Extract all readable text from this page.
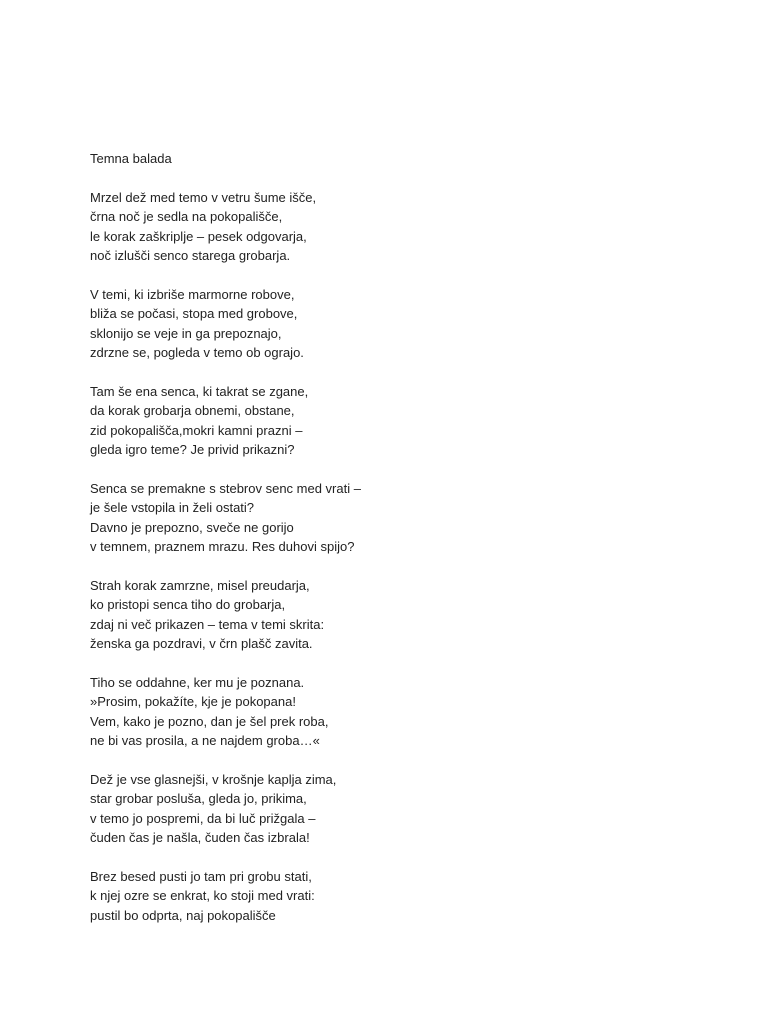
Temna balada
Mrzel dež med temo v vetru šume išče,
črna noč je sedla na pokopališče,
le korak zaškriplje – pesek odgovarja,
noč izlušči senco starega grobarja.
V temi, ki izbriše marmorne robove,
bliža se počasi, stopa med grobove,
sklonijo se veje in ga prepoznajo,
zdrzne se, pogleda v temo ob ograjo.
Tam še ena senca, ki takrat se zgane,
da korak grobarja obnemi, obstane,
zid pokopališča,mokri kamni prazni –
gleda igro teme? Je privid prikazni?
Senca se premakne s stebrov senc med vrati –
je šele vstopila in želi ostati?
Davno je prepozno, sveče ne gorijo
v temnem, praznem mrazu. Res duhovi spijo?
Strah korak zamrzne, misel preudarja,
ko pristopi senca tiho do grobarja,
zdaj ni več prikazen – tema v temi skrita:
ženska ga pozdravi, v črn plašč zavita.
Tiho se oddahne, ker mu je poznana.
»Prosim, pokažíte, kje je pokopana!
Vem, kako je pozno, dan je šel prek roba,
ne bi vas prosila, a ne najdem groba…«
Dež je vse glasnejši, v krošnje kaplja zima,
star grobar posluša, gleda jo, prikima,
v temo jo pospremi, da bi luč prižgala –
čuden čas je našla, čuden čas izbrala!
Brez besed pusti jo tam pri grobu stati,
k njej ozre se enkrat, ko stoji med vrati:
pustil bo odprta, naj pokopališče
